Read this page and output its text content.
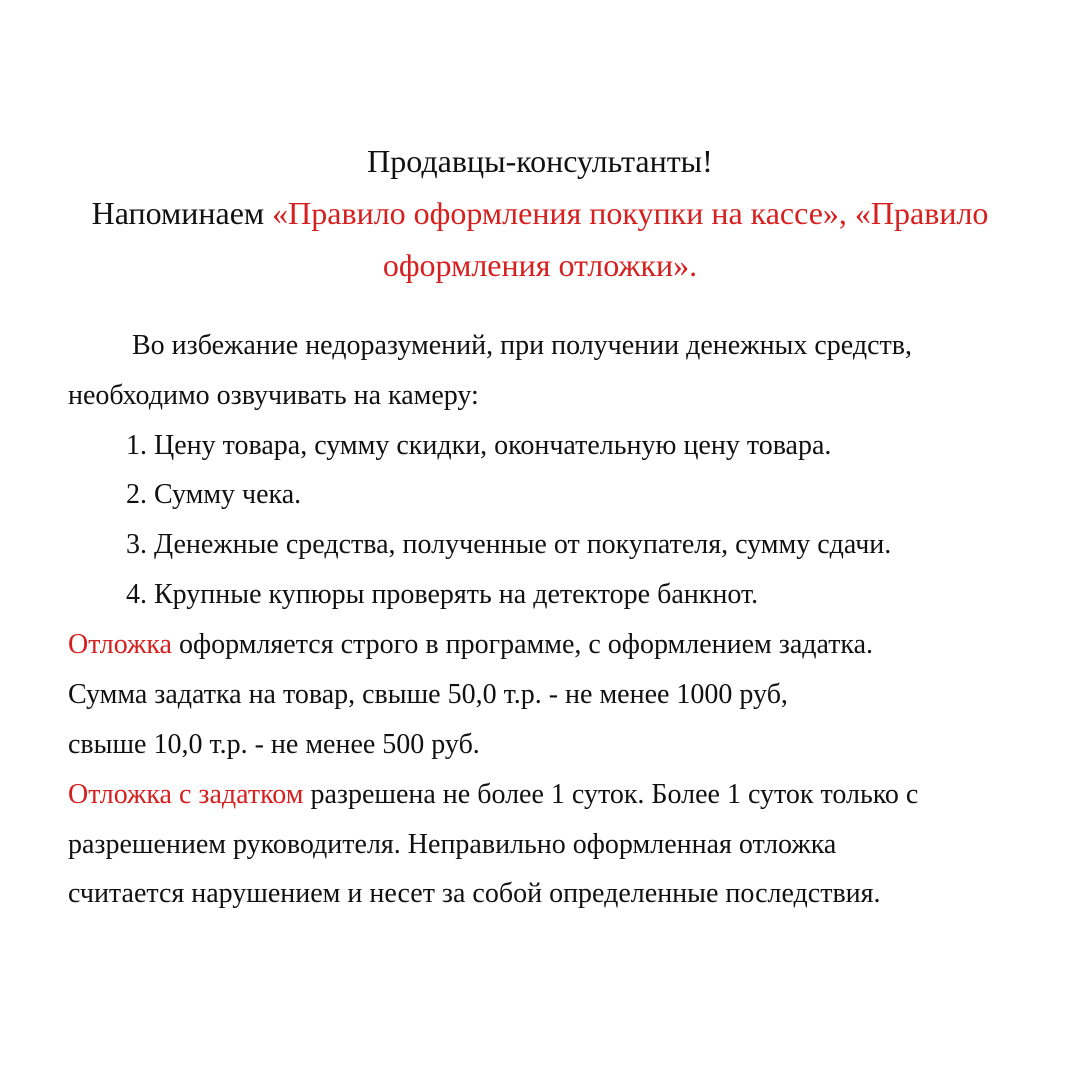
Продавцы-консультанты!
Напоминаем «Правило оформления покупки на кассе», «Правило
оформления отложки».
Во избежание недоразумений, при получении денежных средств,
необходимо озвучивать на камеру:
1. Цену товара, сумму скидки, окончательную цену товара.
2. Сумму чека.
3. Денежные средства, полученные от покупателя, сумму сдачи.
4. Крупные купюры проверять на детекторе банкнот.
Отложка оформляется строго в программе, с оформлением задатка.
Сумма задатка на товар, свыше 50,0 т.р. - не менее 1000 руб,
свыше 10,0 т.р. - не менее 500 руб.
Отложка с задатком разрешена не более 1 суток. Более 1 суток только с
разрешением руководителя. Неправильно оформленная отложка
считается нарушением и несет за собой определенные последствия.
